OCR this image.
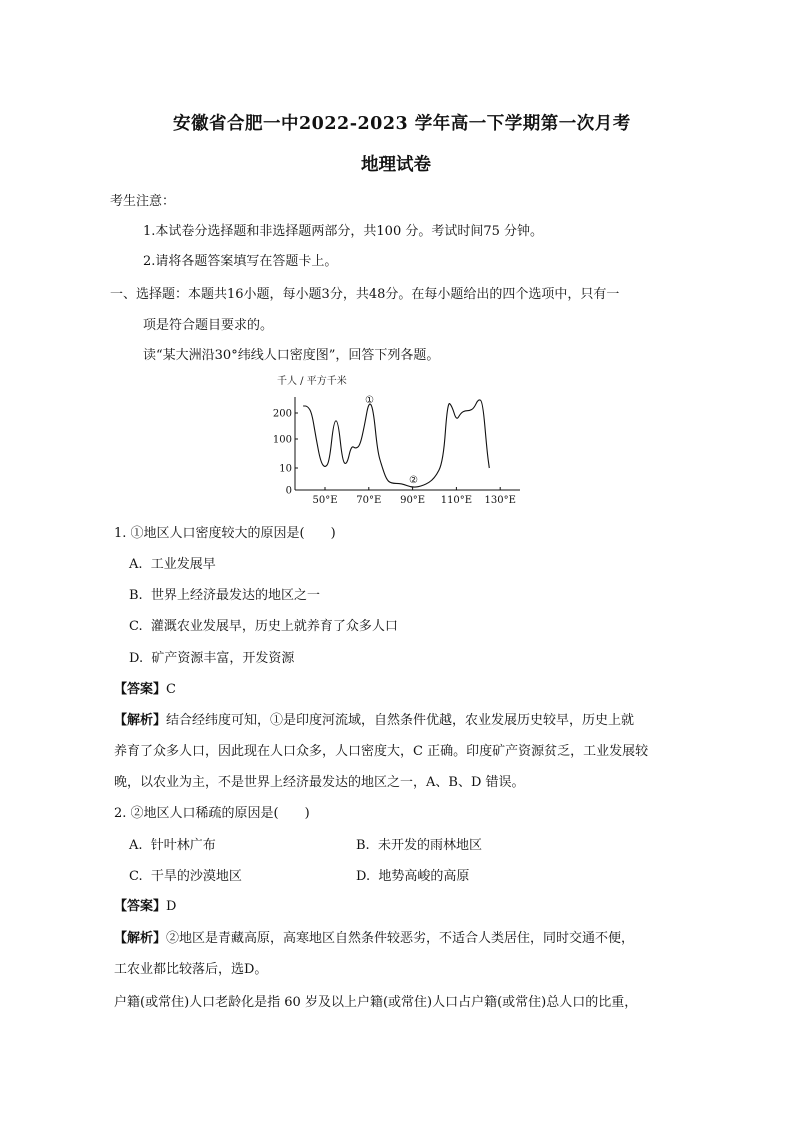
安徽省合肥一中2022-2023 学年高一下学期第一次月考
地理试卷
考生注意：
1.本试卷分选择题和非选择题两部分，共100 分。考试时间75 分钟。
2.请将各题答案填写在答题卡上。
一、选择题：本题共16小题，每小题3分，共48分。在每小题给出的四个选项中，只有一
项是符合题目要求的。
读“某大洲沿30°纬线人口密度图”，回答下列各题。
千人 / 平方千米
0
10
100
200
50°E 70°E 90°E 110°E 130°E
①
②
1. ①地区人口密度较大的原因是(　　)
A. 工业发展早
B. 世界上经济最发达的地区之一
C. 灌溉农业发展早，历史上就养育了众多人口
D. 矿产资源丰富，开发资源
【答案】C
【解析】结合经纬度可知，①是印度河流域，自然条件优越，农业发展历史较早，历史上就
养育了众多人口，因此现在人口众多，人口密度大，C 正确。印度矿产资源贫乏，工业发展较
晚，以农业为主，不是世界上经济最发达的地区之一，A、B、D 错误。
2. ②地区人口稀疏的原因是(　　)
A. 针叶林广布	B. 未开发的雨林地区
C. 干旱的沙漠地区	D. 地势高峻的高原
【答案】D
【解析】②地区是青藏高原，高寒地区自然条件较恶劣，不适合人类居住，同时交通不便，
工农业都比较落后，选D。
户籍(或常住)人口老龄化是指 60 岁及以上户籍(或常住)人口占户籍(或常住)总人口的比重，
